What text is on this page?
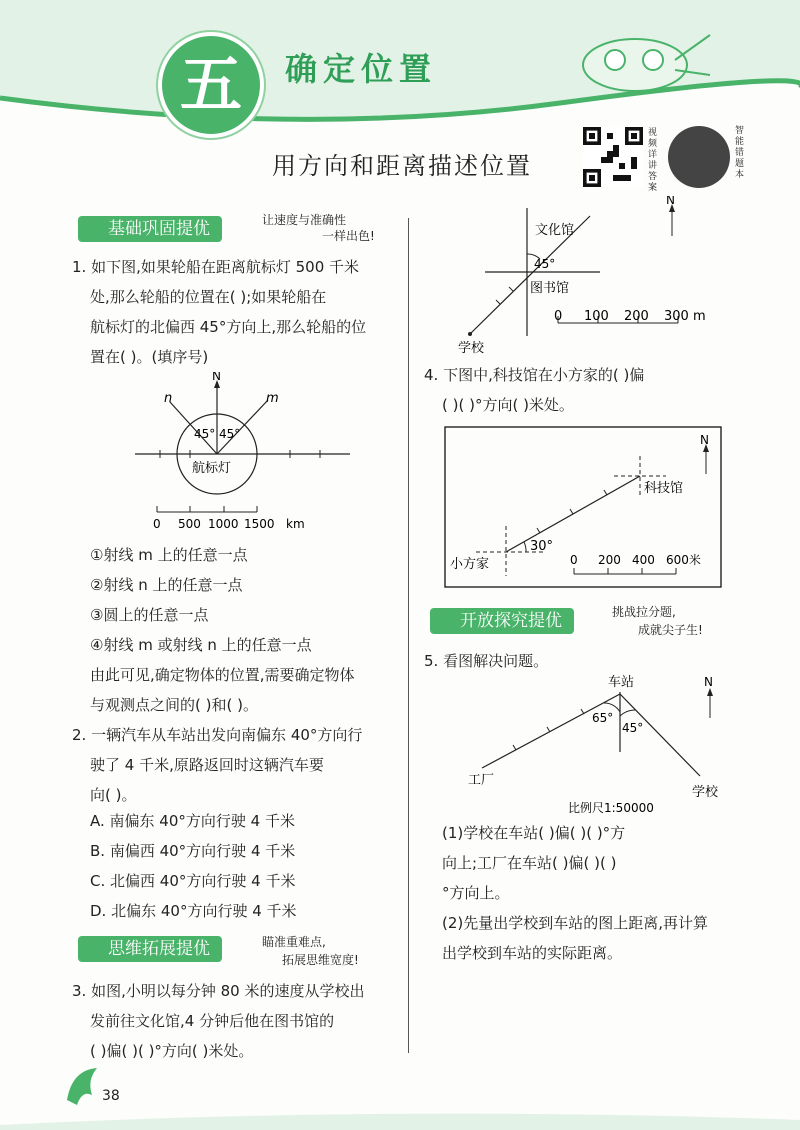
五	确定位置
用方向和距离描述位置
视频详讲答案
智能错题本
基础巩固提优	让速度与准确性
一样出色!
1. 如下图,如果轮船在距离航标灯 500 千米
处,那么轮船的位置在( );如果轮船在
航标灯的北偏西 45°方向上,那么轮船的位
置在( )。(填序号)
N
n	m
45° 45°
航标灯
0 500 1000 1500 km
①射线 m 上的任意一点
②射线 n 上的任意一点
③圆上的任意一点
④射线 m 或射线 n 上的任意一点
由此可见,确定物体的位置,需要确定物体
与观测点之间的( )和( )。
2. 一辆汽车从车站出发向南偏东 40°方向行
驶了 4 千米,原路返回时这辆汽车要
向( )。
A. 南偏东 40°方向行驶 4 千米
B. 南偏西 40°方向行驶 4 千米
C. 北偏西 40°方向行驶 4 千米
D. 北偏东 40°方向行驶 4 千米
思维拓展提优	瞄准重难点,
拓展思维宽度!
3. 如图,小明以每分钟 80 米的速度从学校出
发前往文化馆,4 分钟后他在图书馆的
( )偏( )( )°方向( )米处。
38
文化馆
45°
图书馆
学校
N
0 100 200 300 m
4. 下图中,科技馆在小方家的( )偏
( )( )°方向( )米处。
30°
小方家
科技馆
N
0 200 400 600米
开放探究提优	挑战拉分题,
成就尖子生!
5. 看图解决问题。
车站
65°
45°
工厂
学校
比例尺1:50000
N
(1)学校在车站( )偏( )( )°方
向上;工厂在车站( )偏( )( )
°方向上。
(2)先量出学校到车站的图上距离,再计算
出学校到车站的实际距离。
